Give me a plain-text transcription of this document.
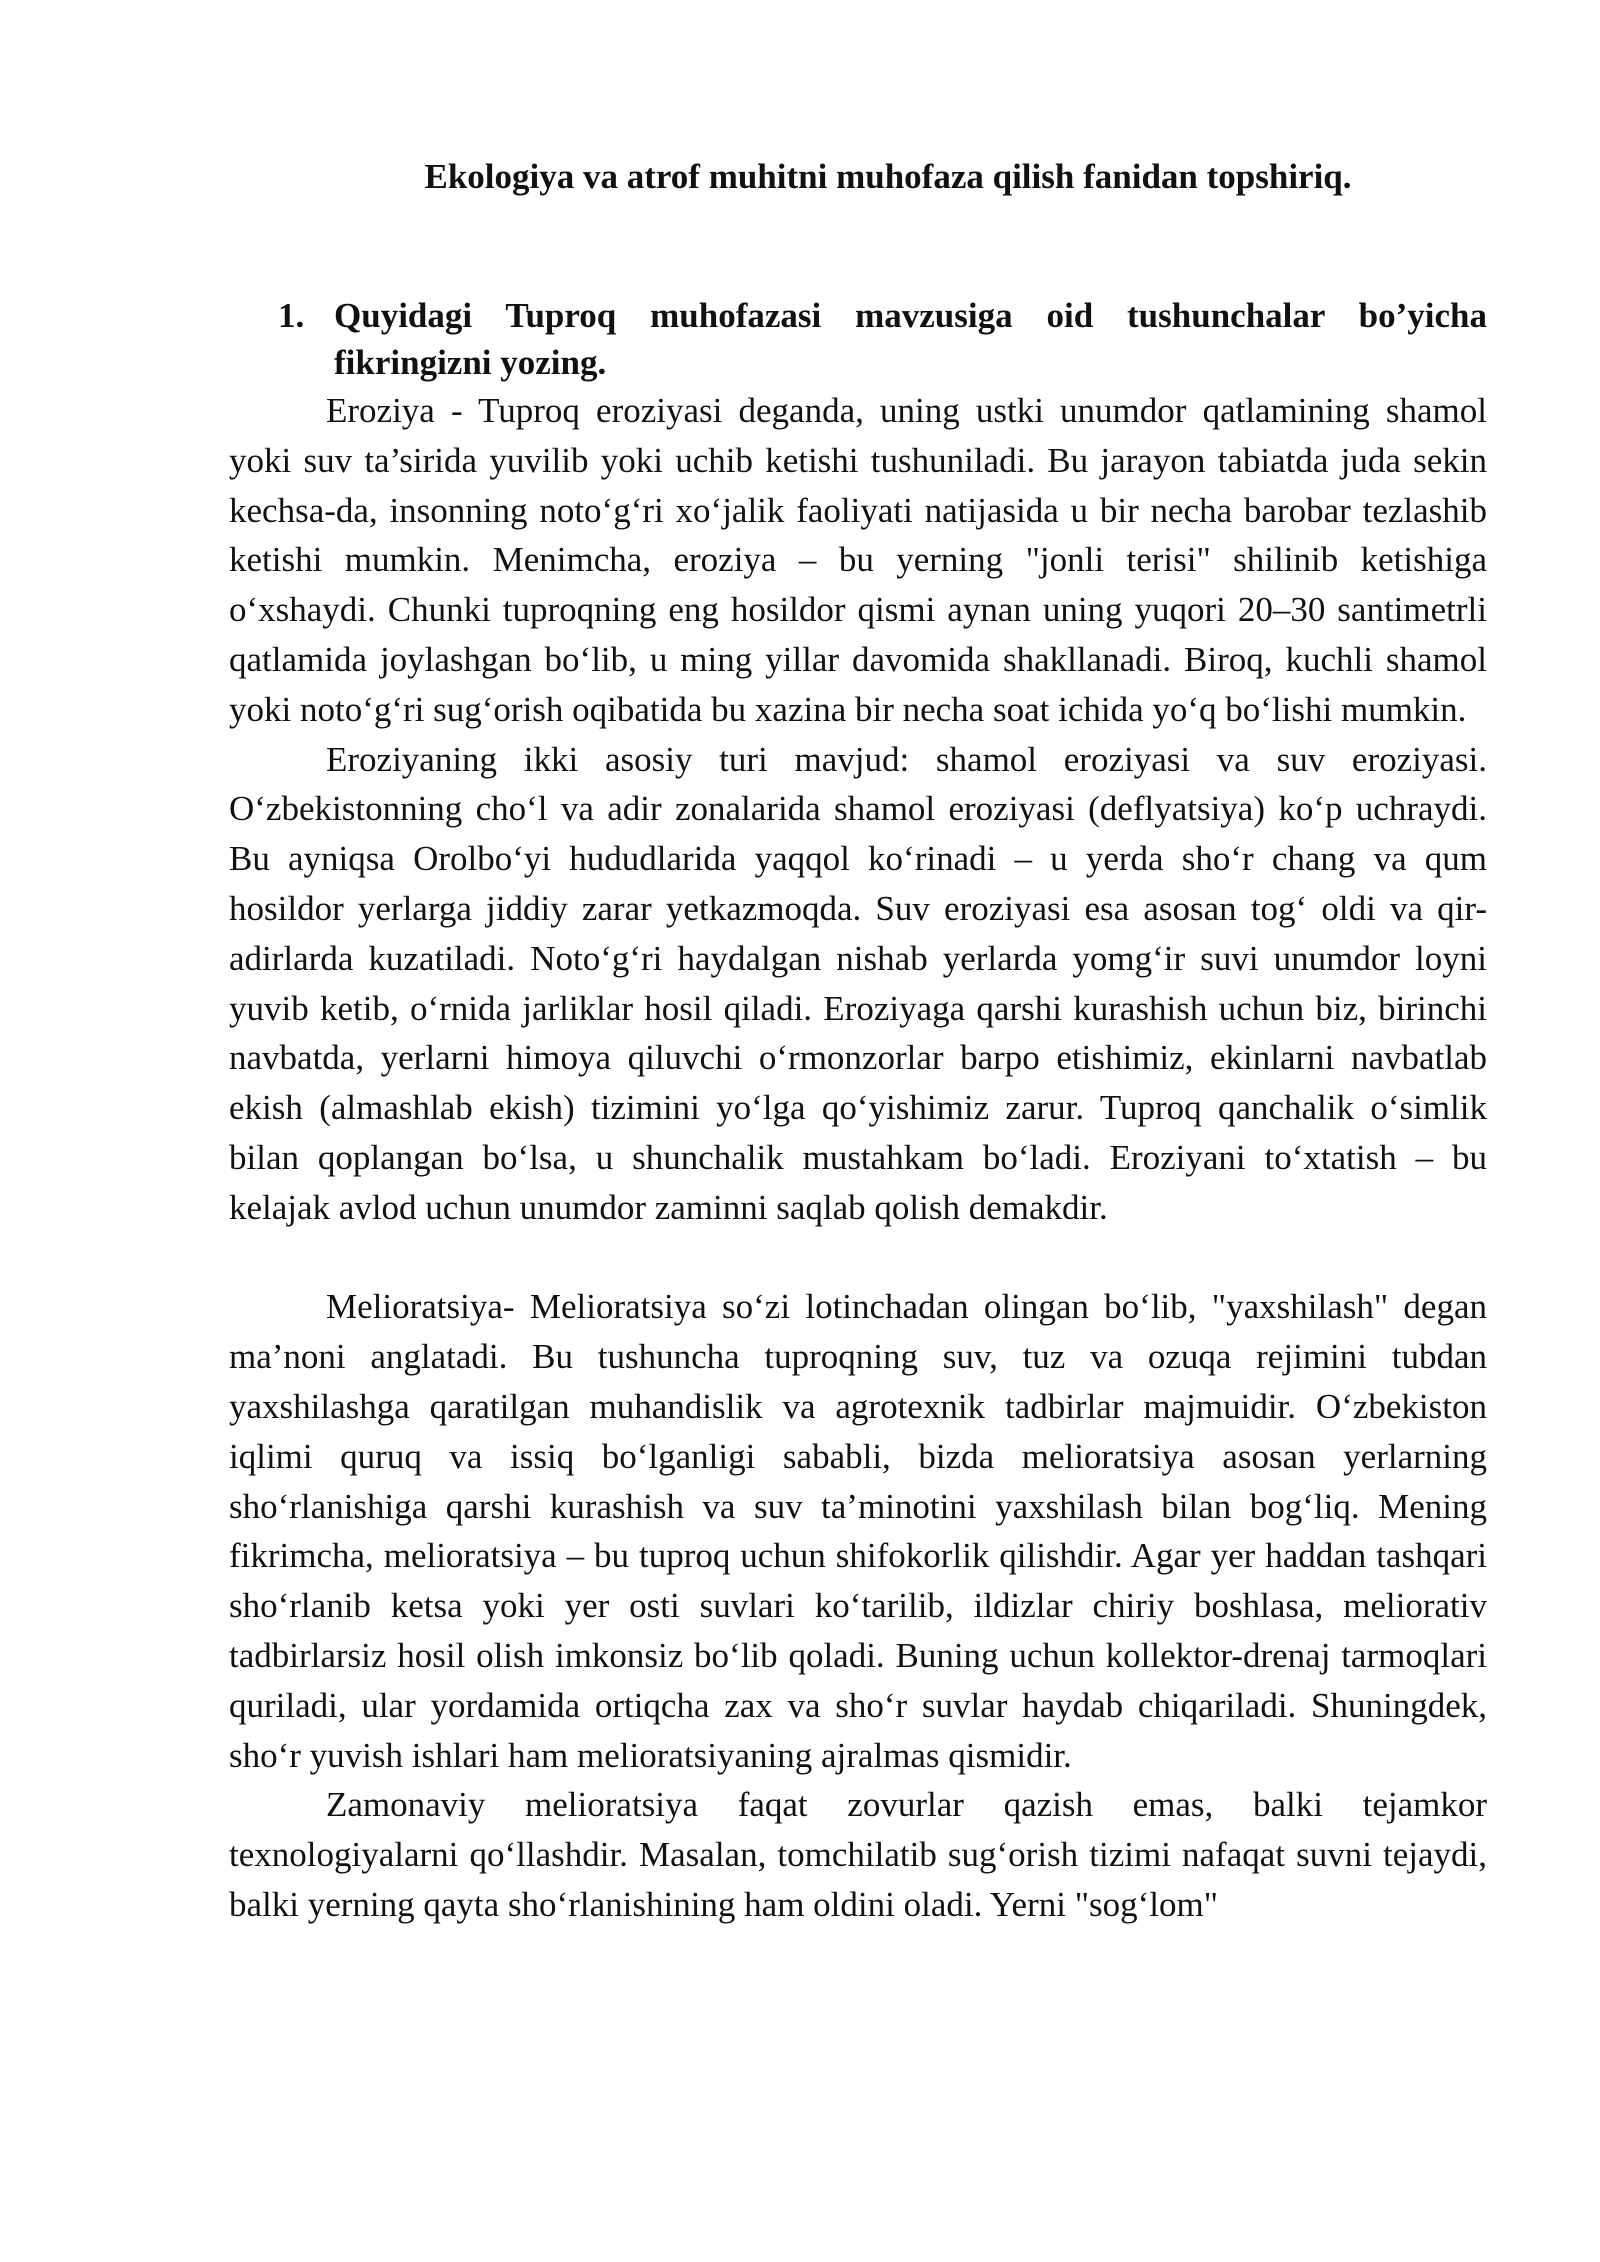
Ekologiya va atrof muhitni muhofaza qilish fanidan topshiriq.
1. Quyidagi Tuproq muhofazasi mavzusiga oid tushunchalar bo’yicha fikringizni yozing.

Eroziya - Tuproq eroziyasi deganda, uning ustki unumdor qatlamining shamol yoki suv ta’sirida yuvilib yoki uchib ketishi tushuniladi. Bu jarayon tabiatda juda sekin kechsa-da, insonning noto‘g‘ri xo‘jalik faoliyati natijasida u bir necha barobar tezlashib ketishi mumkin. Menimcha, eroziya – bu yerning "jonli terisi" shilinib ketishiga o‘xshaydi. Chunki tuproqning eng hosildor qismi aynan uning yuqori 20–30 santimetrli qatlamida joylashgan bo‘lib, u ming yillar davomida shakllanadi. Biroq, kuchli shamol yoki noto‘g‘ri sug‘orish oqibatida bu xazina bir necha soat ichida yo‘q bo‘lishi mumkin.

Eroziyaning ikki asosiy turi mavjud: shamol eroziyasi va suv eroziyasi. O‘zbekistonning cho‘l va adir zonalarida shamol eroziyasi (deflyatsiya) ko‘p uchraydi. Bu ayniqsa Orolbo‘yi hududlarida yaqqol ko‘rinadi – u yerda sho‘r chang va qum hosildor yerlarga jiddiy zarar yetkazmoqda. Suv eroziyasi esa asosan tog‘ oldi va qir-adirlarda kuzatiladi. Noto‘g‘ri haydalgan nishab yerlarda yomg‘ir suvi unumdor loyni yuvib ketib, o‘rnida jarliklar hosil qiladi. Eroziyaga qarshi kurashish uchun biz, birinchi navbatda, yerlarni himoya qiluvchi o‘rmonzorlar barpo etishimiz, ekinlarni navbatlab ekish (almashlab ekish) tizimini yo‘lga qo‘yishimiz zarur. Tuproq qanchalik o‘simlik bilan qoplangan bo‘lsa, u shunchalik mustahkam bo‘ladi. Eroziyani to‘xtatish – bu kelajak avlod uchun unumdor zaminni saqlab qolish demakdir.

Melioratsiya- Melioratsiya so‘zi lotinchadan olingan bo‘lib, "yaxshilash" degan ma’noni anglatadi. Bu tushuncha tuproqning suv, tuz va ozuqa rejimini tubdan yaxshilashga qaratilgan muhandislik va agrotexnik tadbirlar majmuidir. O‘zbekiston iqlimi quruq va issiq bo‘lganligi sababli, bizda melioratsiya asosan yerlarning sho‘rlanishiga qarshi kurashish va suv ta’minotini yaxshilash bilan bog‘liq. Mening fikrimcha, melioratsiya – bu tuproq uchun shifokorlik qilishdir. Agar yer haddan tashqari sho‘rlanib ketsa yoki yer osti suvlari ko‘tarilib, ildizlar chiriy boshlasa, meliorativ tadbirlarsiz hosil olish imkonsiz bo‘lib qoladi. Buning uchun kollektor-drenaj tarmoqlari quriladi, ular yordamida ortiqcha zax va sho‘r suvlar haydab chiqariladi. Shuningdek, sho‘r yuvish ishlari ham melioratsiyaning ajralmas qismidir.

Zamonaviy melioratsiya faqat zovurlar qazish emas, balki tejamkor texnologiyalarni qo‘llashdir. Masalan, tomchilatib sug‘orish tizimi nafaqat suvni tejaydi, balki yerning qayta sho‘rlanishining ham oldini oladi. Yerni "sog‘lom"
